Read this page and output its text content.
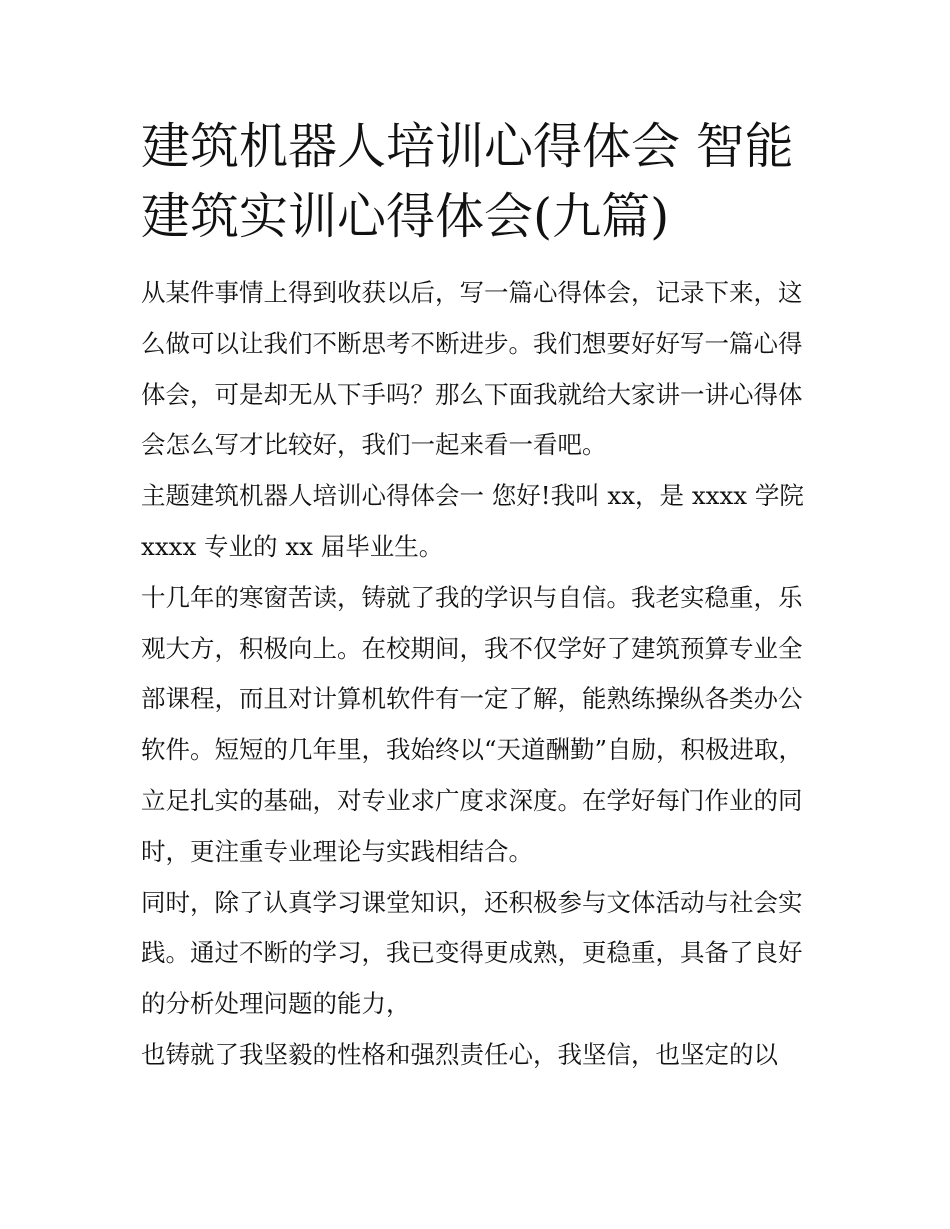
建筑机器人培训心得体会 智能
建筑实训心得体会(九篇)

从某件事情上得到收获以后，写一篇心得体会，记录下来，这
么做可以让我们不断思考不断进步。我们想要好好写一篇心得
体会，可是却无从下手吗？那么下面我就给大家讲一讲心得体
会怎么写才比较好，我们一起来看一看吧。

主题建筑机器人培训心得体会一 您好!我叫 xx，是 xxxx 学院
xxxx 专业的 xx 届毕业生。

十几年的寒窗苦读，铸就了我的学识与自信。我老实稳重，乐
观大方，积极向上。在校期间，我不仅学好了建筑预算专业全
部课程，而且对计算机软件有一定了解，能熟练操纵各类办公
软件。短短的几年里，我始终以“天道酬勤”自励，积极进取，
立足扎实的基础，对专业求广度求深度。在学好每门作业的同
时，更注重专业理论与实践相结合。

同时，除了认真学习课堂知识，还积极参与文体活动与社会实
践。通过不断的学习，我已变得更成熟，更稳重，具备了良好
的分析处理问题的能力，

也铸就了我坚毅的性格和强烈责任心，我坚信，也坚定的以
